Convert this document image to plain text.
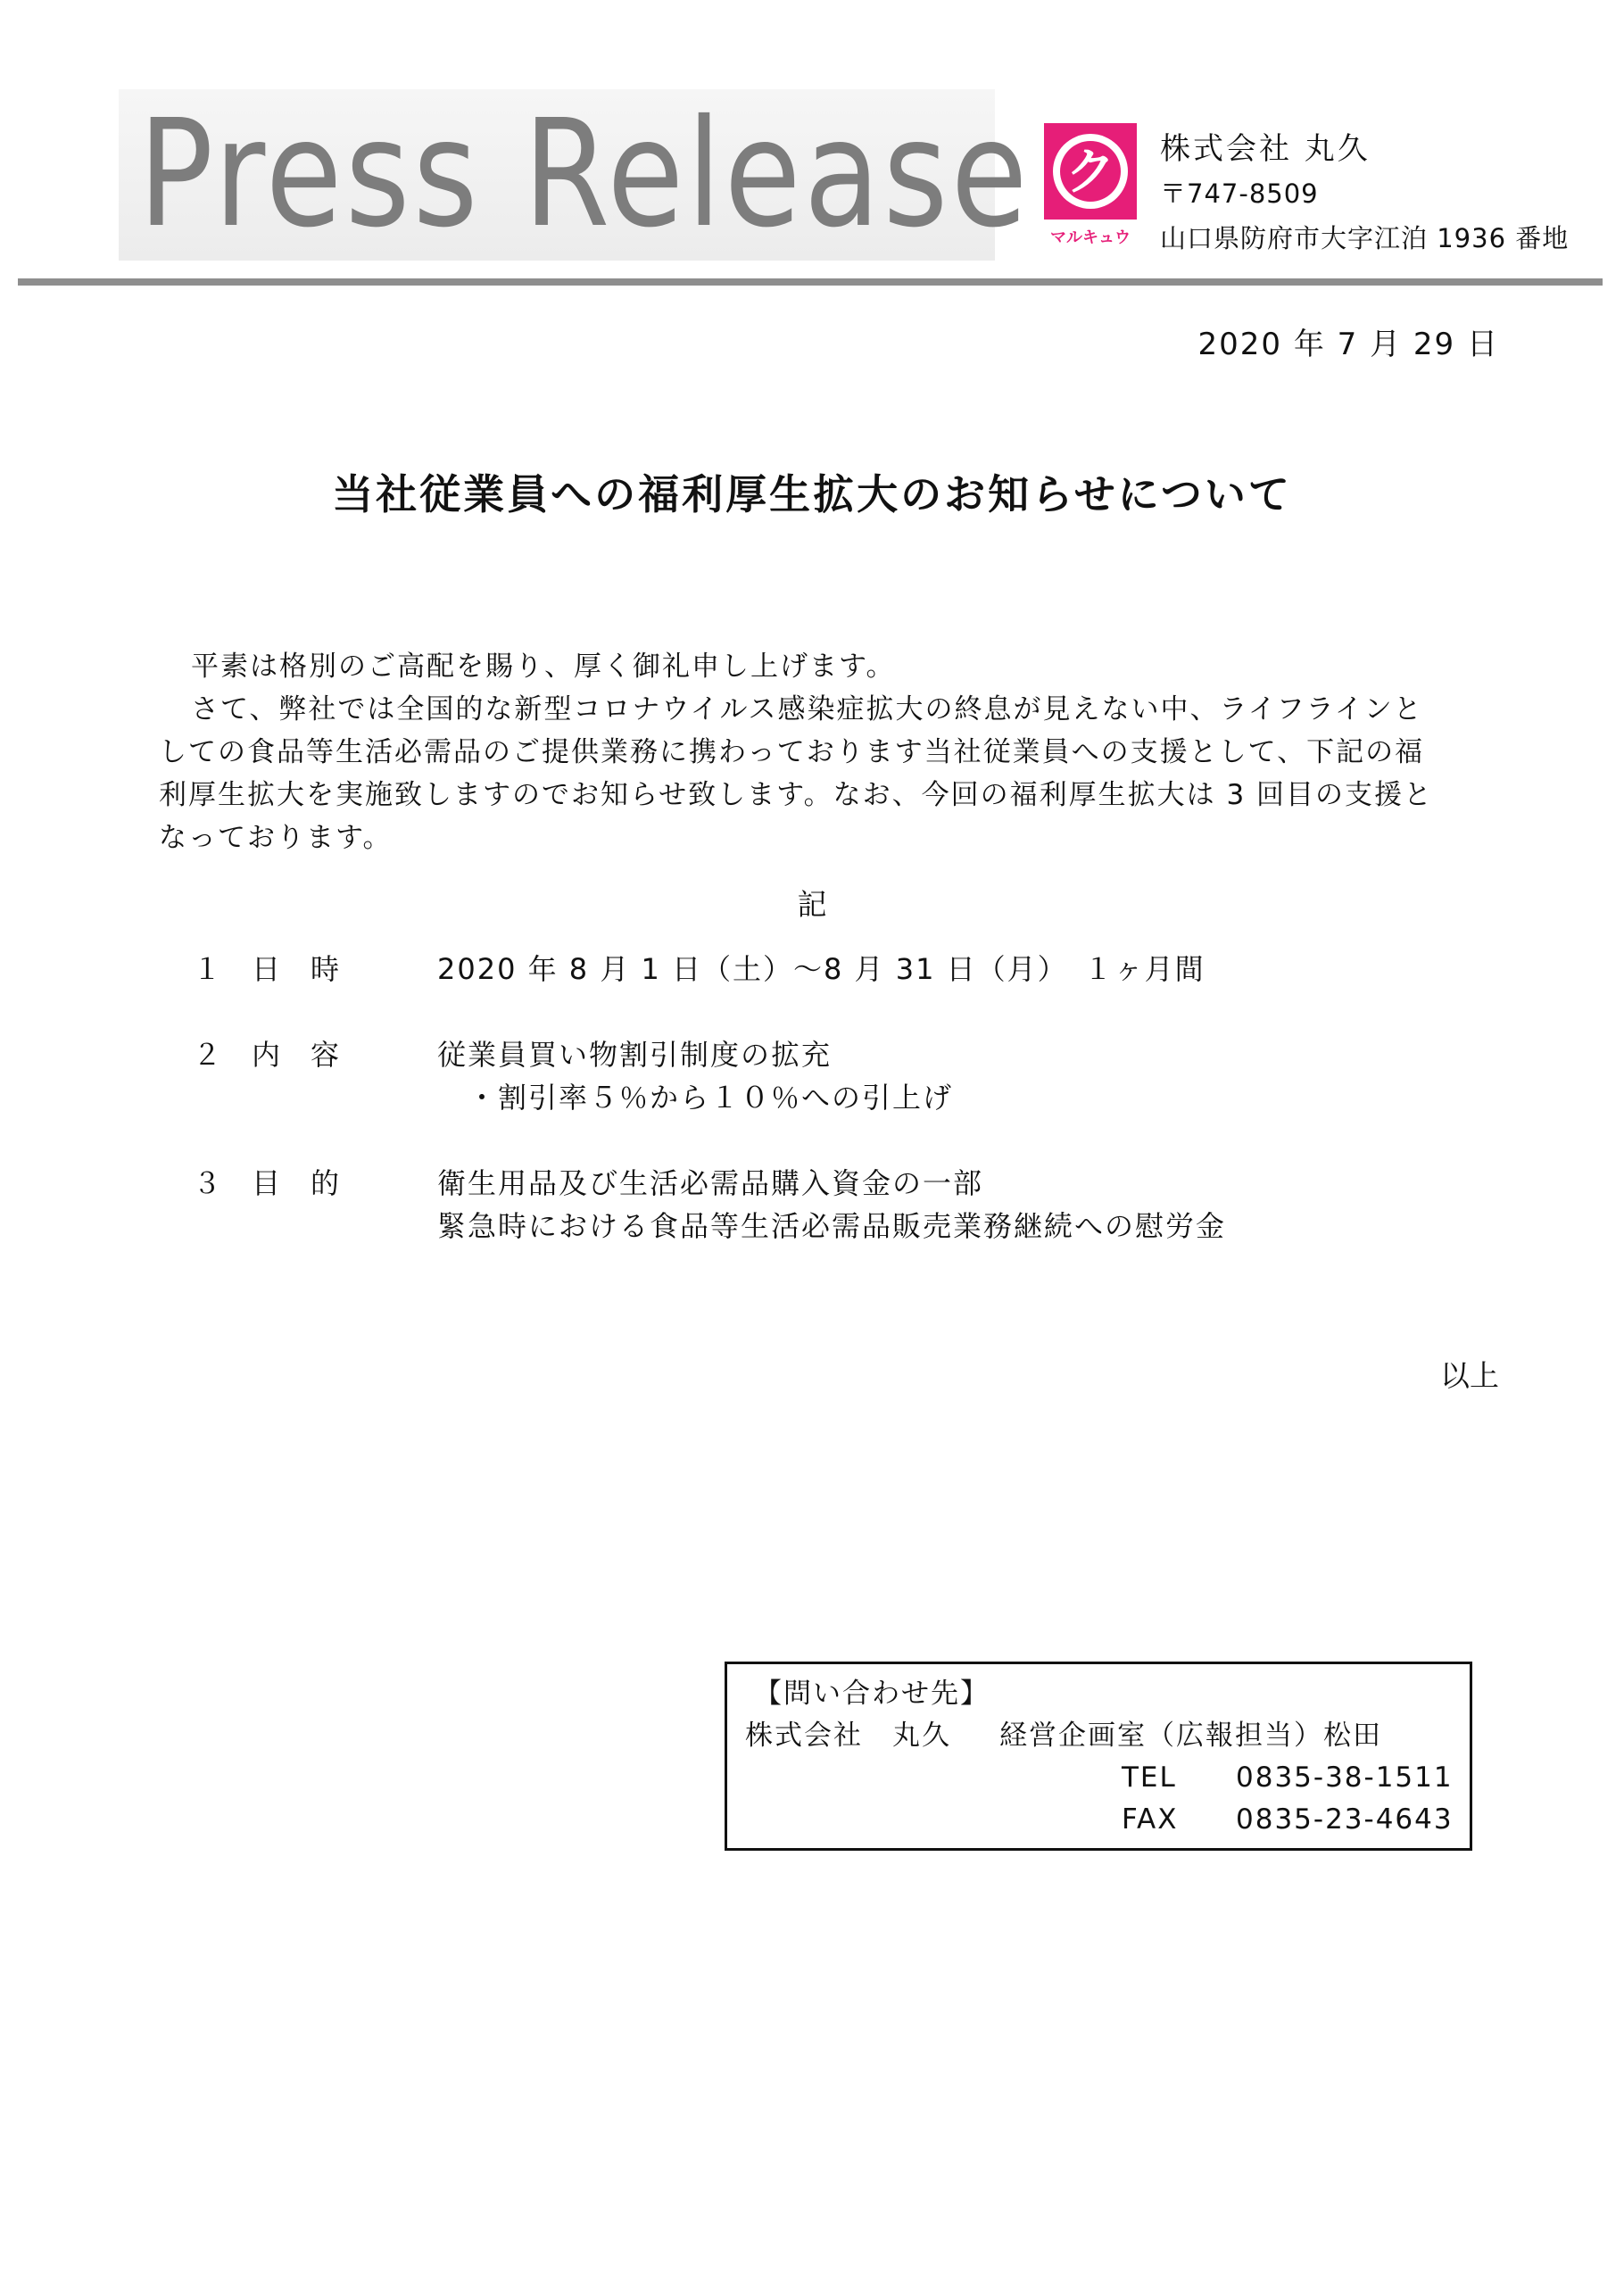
Press Release ク
マルキュウ
株式会社 丸久
〒747-8509
山口県防府市大字江泊 1936 番地
2020 年 7 月 29 日
当社従業員への福利厚生拡大のお知らせについて

平素は格別のご高配を賜り、厚く御礼申し上げます。

さて、弊社では全国的な新型コロナウイルス感染症拡大の終息が見えない中、ライフラインと

しての食品等生活必需品のご提供業務に携わっております当社従業員への支援として、下記の福

利厚生拡大を実施致しますのでお知らせ致します。なお、今回の福利厚生拡大は 3 回目の支援と

なっております。

記
１ 日時 2020 年 8 月 1 日（土）～8 月 31 日（月）　１ヶ月間
２ 内容 従業員買い物割引制度の拡充
　・割引率５％から１０％への引上げ
３ 目的 衛生用品及び生活必需品購入資金の一部
緊急時における食品等生活必需品販売業務継続への慰労金
以上
【問い合わせ先】
株式会社　丸久 経営企画室（広報担当）松田
TEL 0835-38-1511
FAX 0835-23-4643
